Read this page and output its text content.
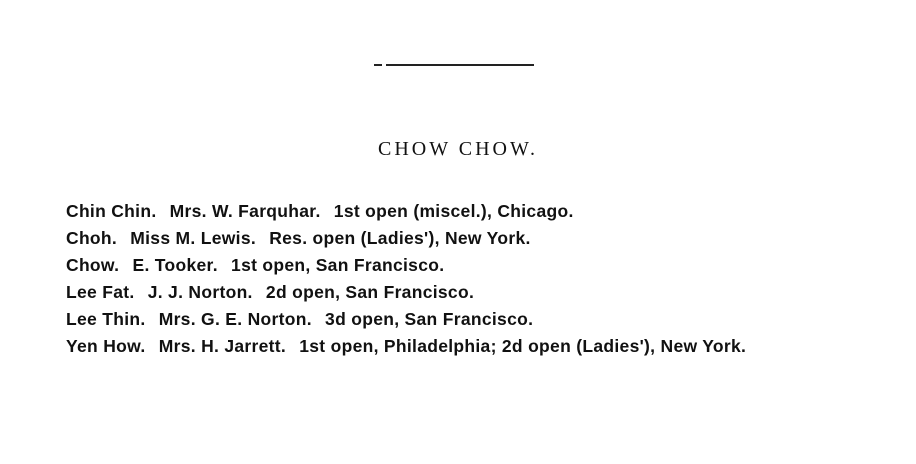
CHOW CHOW.
Chin Chin. Mrs. W. Farquhar. 1st open (miscel.), Chicago.
Choh. Miss M. Lewis. Res. open (Ladies'), New York.
Chow. E. Tooker. 1st open, San Francisco.
Lee Fat. J. J. Norton. 2d open, San Francisco.
Lee Thin. Mrs. G. E. Norton. 3d open, San Francisco.
Yen How. Mrs. H. Jarrett. 1st open, Philadelphia; 2d open (Ladies'), New York.
